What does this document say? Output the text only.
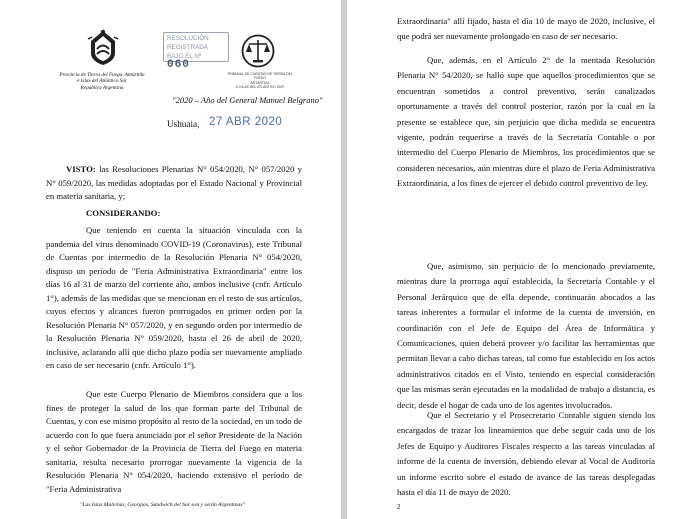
Provincia de Tierra del Fuego, Antártida
e Islas del Atlántico Sur
República Argentina
RESOLUCIÓN REGISTRADA
BAJO EL Nº 060
TRIBUNAL DE CUENTAS DE TIERRA DEL FUEGO
ANTÁRTIDA
E ISLAS DEL ATLÁNTICO SUR
"2020 – Año del General Manuel Belgrano"
Ushuaia, 27 ABR 2020
VISTO: las Resoluciones Plenarias N° 054/2020, N° 057/2020 y N° 059/2020, las medidas adoptadas por el Estado Nacional y Provincial en materia sanitaria, y;
CONSIDERANDO:
Que teniendo en cuenta la situación vinculada con la pandemia del virus denominado COVID-19 (Coronavirus), este Tribunal de Cuentas por intermedio de la Resolución Plenaria N° 054/2020, dispuso un período de "Feria Administrativa Extraordinaria" entre los días 16 al 31 de marzo del corriente año, ambos inclusive (cnfr. Artículo 1°), además de las medidas que se mencionan en el resto de sus artículos, cuyos efectos y alcances fueron prorrogados en primer orden por la Resolución Plenaria N° 057/2020, y en segundo orden por intermedio de la Resolución Plenaria N° 059/2020, hasta el 26 de abril de 2020, inclusive, aclarando allí que dicho plazo podía ser nuevamente ampliado en caso de ser necesario (cnfr. Artículo 1°).
Que este Cuerpo Plenario de Miembros considera que a los fines de proteger la salud de los que forman parte del Tribunal de Cuentas, y con ese mismo propósito al resto de la sociedad, en un todo de acuerdo con lo que fuera anunciado por el señor Presidente de la Nación y el señor Gobernador de la Provincia de Tierra del Fuego en materia sanitaria, resulta necesario prorrogar nuevamente la vigencia de la Resolución Plenaria N° 054/2020, haciendo extensivo el período de "Feria Administrativa
"Las Islas Malvinas, Georgias, Sandwich del Sur son y serán Argentinas"
Extraordinaria" allí fijado, hasta el día 10 de mayo de 2020, inclusive, el que podrá ser nuevamente prolongado en caso de ser necesario.
Que, además, en el Artículo 2° de la mentada Resolución Plenaria N° 54/2020, se halló supe que aquellos procedimientos que se encuentran sometidos a control preventivo, serán canalizados oportunamente a través del control posterior, razón por la cual en la presente se establece que, sin perjuicio que dicha medida se encuentra vigente, podrán requerirse a través de la Secretaría Contable o por intermedio del Cuerpo Plenario de Miembros, los procedimientos que se consideren necesarios, aún mientras dure el plazo de Feria Administrativa Extraordinaria, a los fines de ejercer el debido control preventivo de ley.
Que, asimismo, sin perjuicio de lo mencionado previamente, mientras dure la prorroga aquí establecida, la Secretaría Contable y el Personal Jerárquico que de ella depende, continuarán abocados a las tareas inherentes a formular el informe de la cuenta de inversión, en coordinación con el Jefe de Equipo del Área de Informática y Comunicaciones, quien deberá proveer y/o facilitar las herramientas que permitan llevar a cabo dichas tareas, tal como fue establecido en los actos administrativos citados en el Visto, teniendo en especial consideración que las mismas serán ejecutadas en la modalidad de trabajo a distancia, es decir, desde el hogar de cada uno de los agentes involucrados.
Que el Secretario y el Prosecretario Contable siguen siendo los encargados de trazar los lineamientos que debe seguir cada uno de los Jefes de Equipo y Auditores Fiscales respecto a las tareas vinculadas al informe de la cuenta de inversión, debiendo elevar al Vocal de Auditoría un informe escrito sobre el estado de avance de las tareas desplegadas hasta el día 11 de mayo de 2020.
2
